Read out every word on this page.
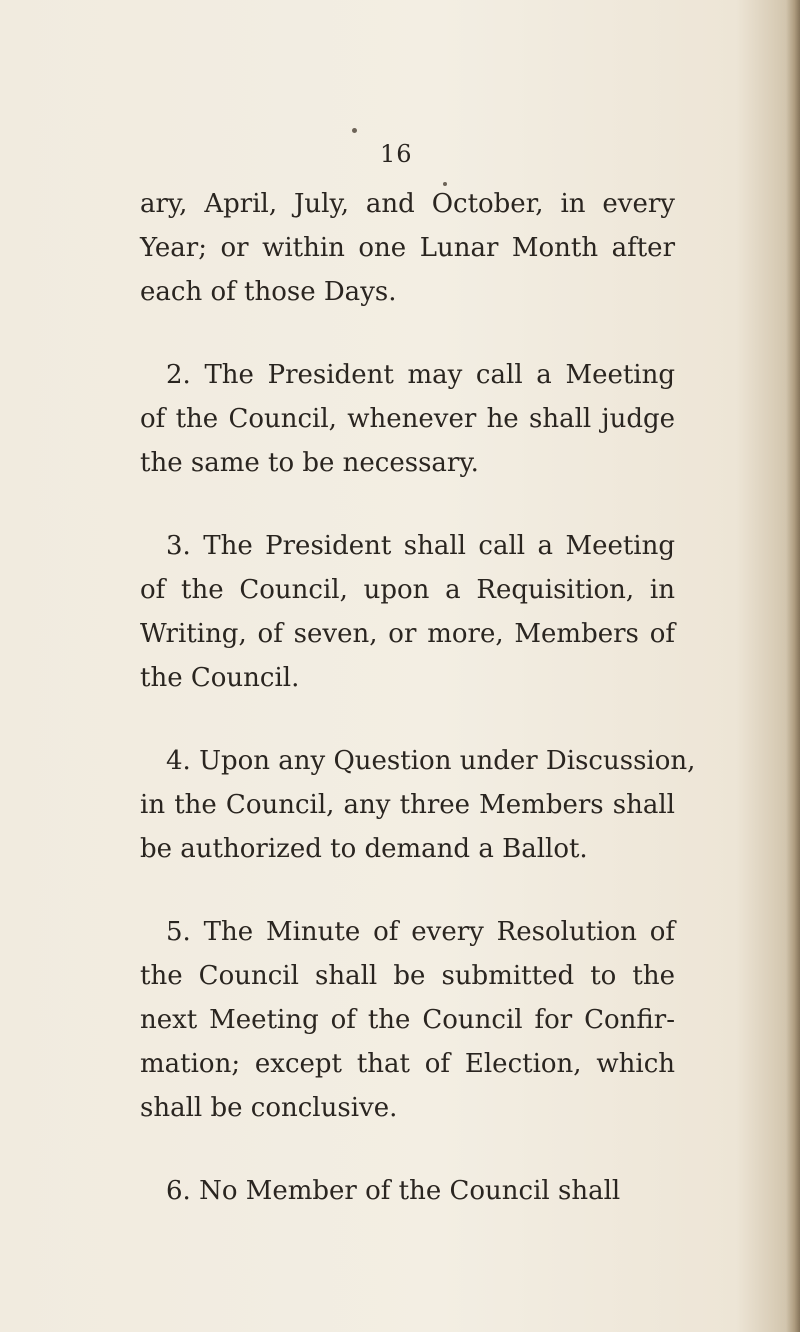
16
ary, April, July, and October, in every
Year; or within one Lunar Month after
each of those Days.
2. The President may call a Meeting
of the Council, whenever he shall judge
the same to be necessary.
3. The President shall call a Meeting
of the Council, upon a Requisition, in
Writing, of seven, or more, Members of
the Council.
4. Upon any Question under Discussion,
in the Council, any three Members shall
be authorized to demand a Ballot.
5. The Minute of every Resolution of
the Council shall be submitted to the
next Meeting of the Council for Confir-
mation; except that of Election, which
shall be conclusive.
6. No Member of the Council shall
